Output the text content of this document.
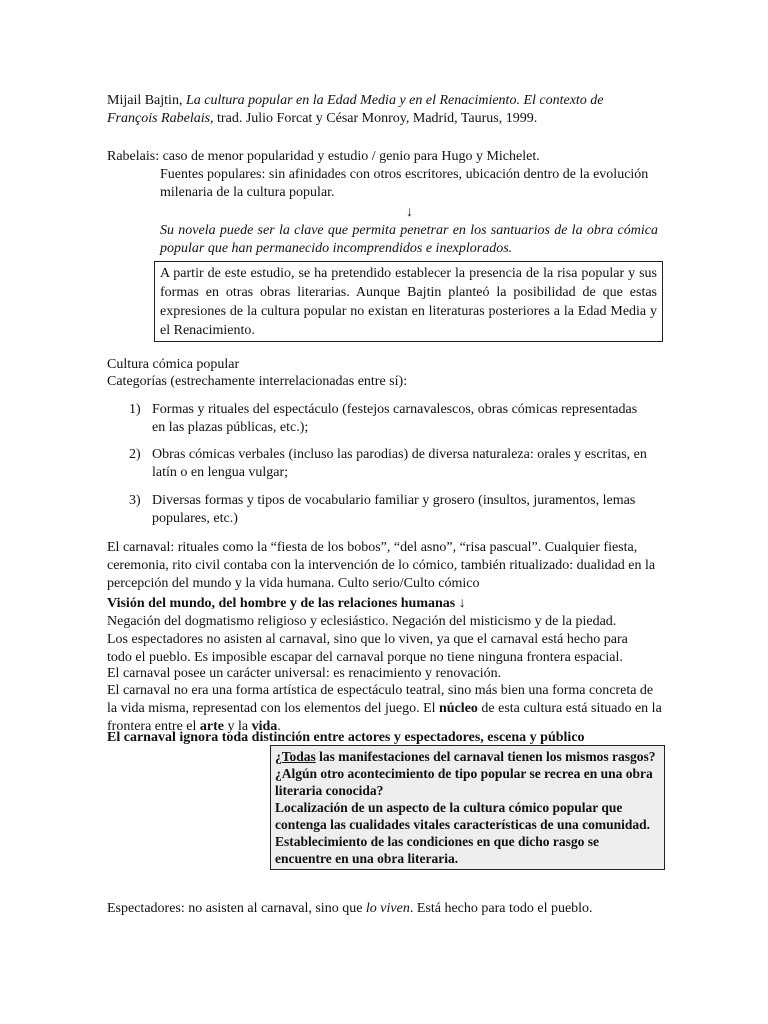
Mijail Bajtin, La cultura popular en la Edad Media y en el Renacimiento. El contexto de François Rabelais, trad. Julio Forcat y César Monroy, Madrid, Taurus, 1999.
Rabelais: caso de menor popularidad y estudio / genio para Hugo y Michelet.
Fuentes populares: sin afinidades con otros escritores, ubicación dentro de la evolución milenaria de la cultura popular.
↓
Su novela puede ser la clave que permita penetrar en los santuarios de la obra cómica popular que han permanecido incomprendidos e inexplorados.
A partir de este estudio, se ha pretendido establecer la presencia de la risa popular y sus formas en otras obras literarias. Aunque Bajtin planteó la posibilidad de que estas expresiones de la cultura popular no existan en literaturas posteriores a la Edad Media y el Renacimiento.
Cultura cómica popular
Categorías (estrechamente interrelacionadas entre sí):
1) Formas y rituales del espectáculo (festejos carnavalescos, obras cómicas representadas en las plazas públicas, etc.);
2) Obras cómicas verbales (incluso las parodias) de diversa naturaleza: orales y escritas, en latín o en lengua vulgar;
3) Diversas formas y tipos de vocabulario familiar y grosero (insultos, juramentos, lemas populares, etc.)
El carnaval: rituales como la “fiesta de los bobos”, “del asno”, “risa pascual”. Cualquier fiesta, ceremonia, rito civil contaba con la intervención de lo cómico, también ritualizado: dualidad en la percepción del mundo y la vida humana. Culto serio/Culto cómico
Visión del mundo, del hombre y de las relaciones humanas ↓
Negación del dogmatismo religioso y eclesiástico. Negación del misticismo y de la piedad.
Los espectadores no asisten al carnaval, sino que lo viven, ya que el carnaval está hecho para todo el pueblo. Es imposible escapar del carnaval porque no tiene ninguna frontera espacial.
El carnaval posee un carácter universal: es renacimiento y renovación.
El carnaval no era una forma artística de espectáculo teatral, sino más bien una forma concreta de la vida misma, representad con los elementos del juego. El núcleo de esta cultura está situado en la frontera entre el arte y la vida.
El carnaval ignora toda distinción entre actores y espectadores, escena y público
¿Todas las manifestaciones del carnaval tienen los mismos rasgos?
¿Algún otro acontecimiento de tipo popular se recrea en una obra literaria conocida?
Localización de un aspecto de la cultura cómico popular que contenga las cualidades vitales características de una comunidad.
Establecimiento de las condiciones en que dicho rasgo se encuentre en una obra literaria.
Espectadores: no asisten al carnaval, sino que lo viven. Está hecho para todo el pueblo.
